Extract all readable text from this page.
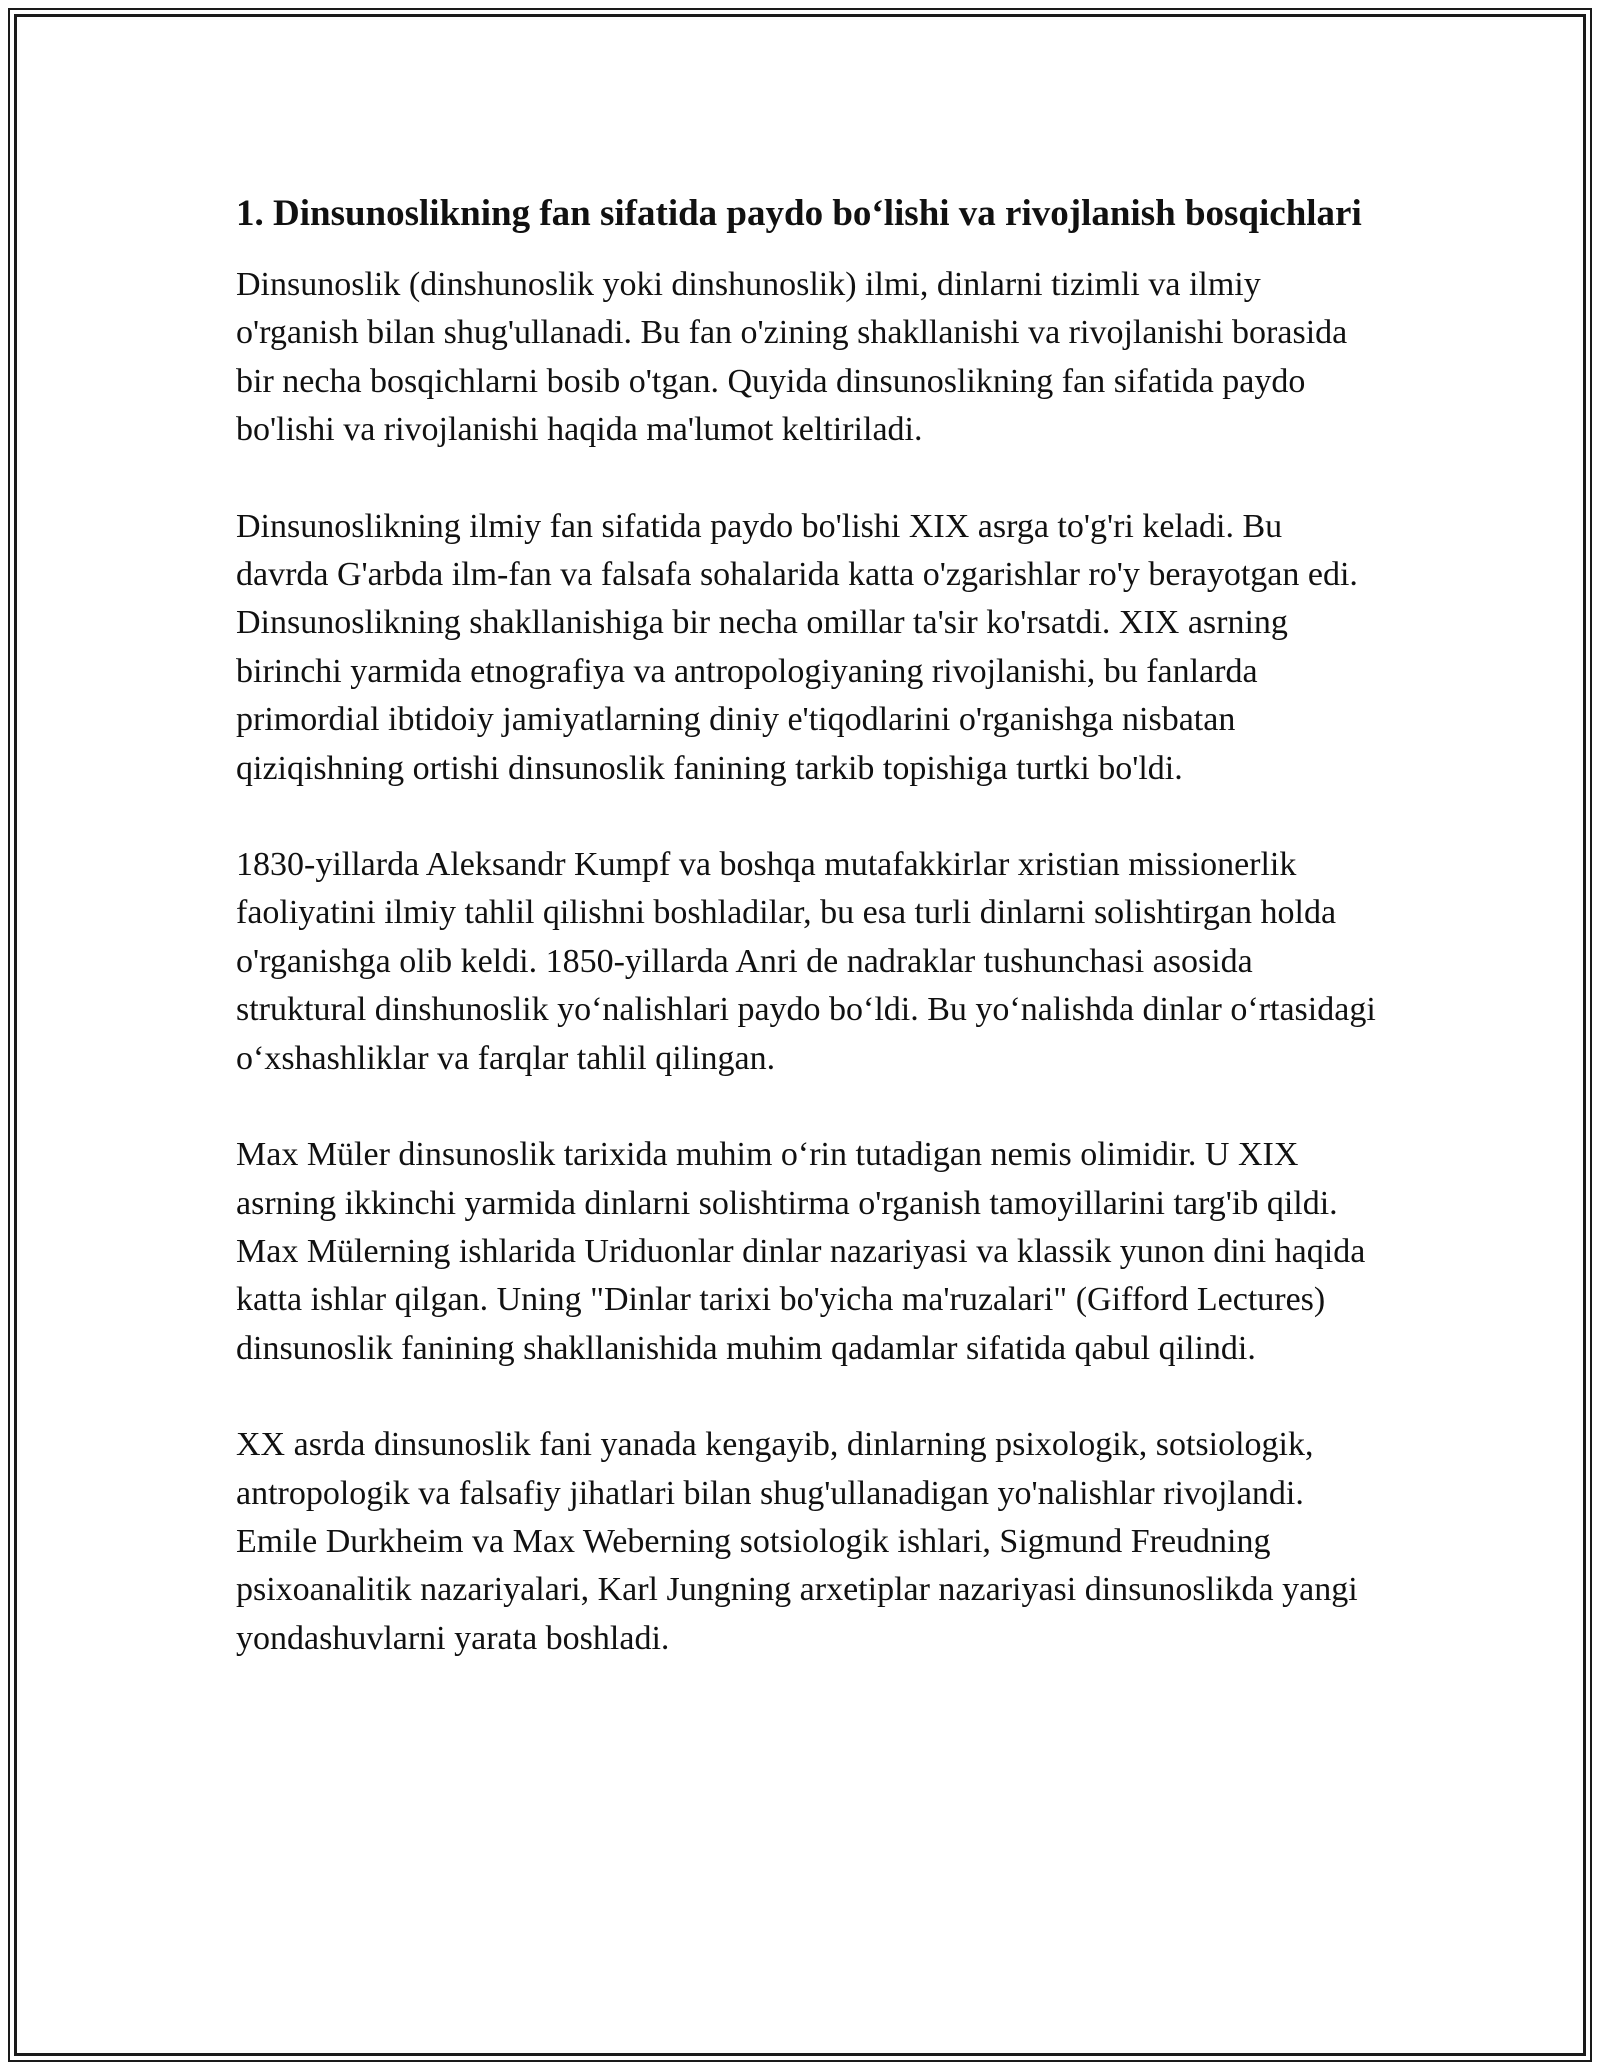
1. Dinsunoslikning fan sifatida paydo boʻlishi va rivojlanish bosqichlari

Dinsunoslik (dinshunoslik yoki dinshunoslik) ilmi, dinlarni tizimli va ilmiy o'rganish bilan shug'ullanadi. Bu fan o'zining shakllanishi va rivojlanishi borasida bir necha bosqichlarni bosib o'tgan. Quyida dinsunoslikning fan sifatida paydo bo'lishi va rivojlanishi haqida ma'lumot keltiriladi.

Dinsunoslikning ilmiy fan sifatida paydo bo'lishi XIX asrga to'g'ri keladi. Bu davrda G'arbda ilm-fan va falsafa sohalarida katta o'zgarishlar ro'y berayotgan edi. Dinsunoslikning shakllanishiga bir necha omillar ta'sir ko'rsatdi. XIX asrning birinchi yarmida etnografiya va antropologiyaning rivojlanishi, bu fanlarda primordial ibtidoiy jamiyatlarning diniy e'tiqodlarini o'rganishga nisbatan qiziqishning ortishi dinsunoslik fanining tarkib topishiga turtki bo'ldi.

1830-yillarda Aleksandr Kumpf va boshqa mutafakkirlar xristian missionerlik faoliyatini ilmiy tahlil qilishni boshladilar, bu esa turli dinlarni solishtirgan holda o'rganishga olib keldi. 1850-yillarda Anri de nadraklar tushunchasi asosida struktural dinshunoslik yoʻnalishlari paydo boʻldi. Bu yoʻnalishda dinlar oʻrtasidagi oʻxshashliklar va farqlar tahlil qilingan.

Max Müler dinsunoslik tarixida muhim oʻrin tutadigan nemis olimidir. U XIX asrning ikkinchi yarmida dinlarni solishtirma o'rganish tamoyillarini targ'ib qildi. Max Mülerning ishlarida Uriduonlar dinlar nazariyasi va klassik yunon dini haqida katta ishlar qilgan. Uning "Dinlar tarixi bo'yicha ma'ruzalari" (Gifford Lectures) dinsunoslik fanining shakllanishida muhim qadamlar sifatida qabul qilindi.

XX asrda dinsunoslik fani yanada kengayib, dinlarning psixologik, sotsiologik, antropologik va falsafiy jihatlari bilan shug'ullanadigan yo'nalishlar rivojlandi. Emile Durkheim va Max Weberning sotsiologik ishlari, Sigmund Freudning psixoanalitik nazariyalari, Karl Jungning arxetiplar nazariyasi dinsunoslikda yangi yondashuvlarni yarata boshladi.
